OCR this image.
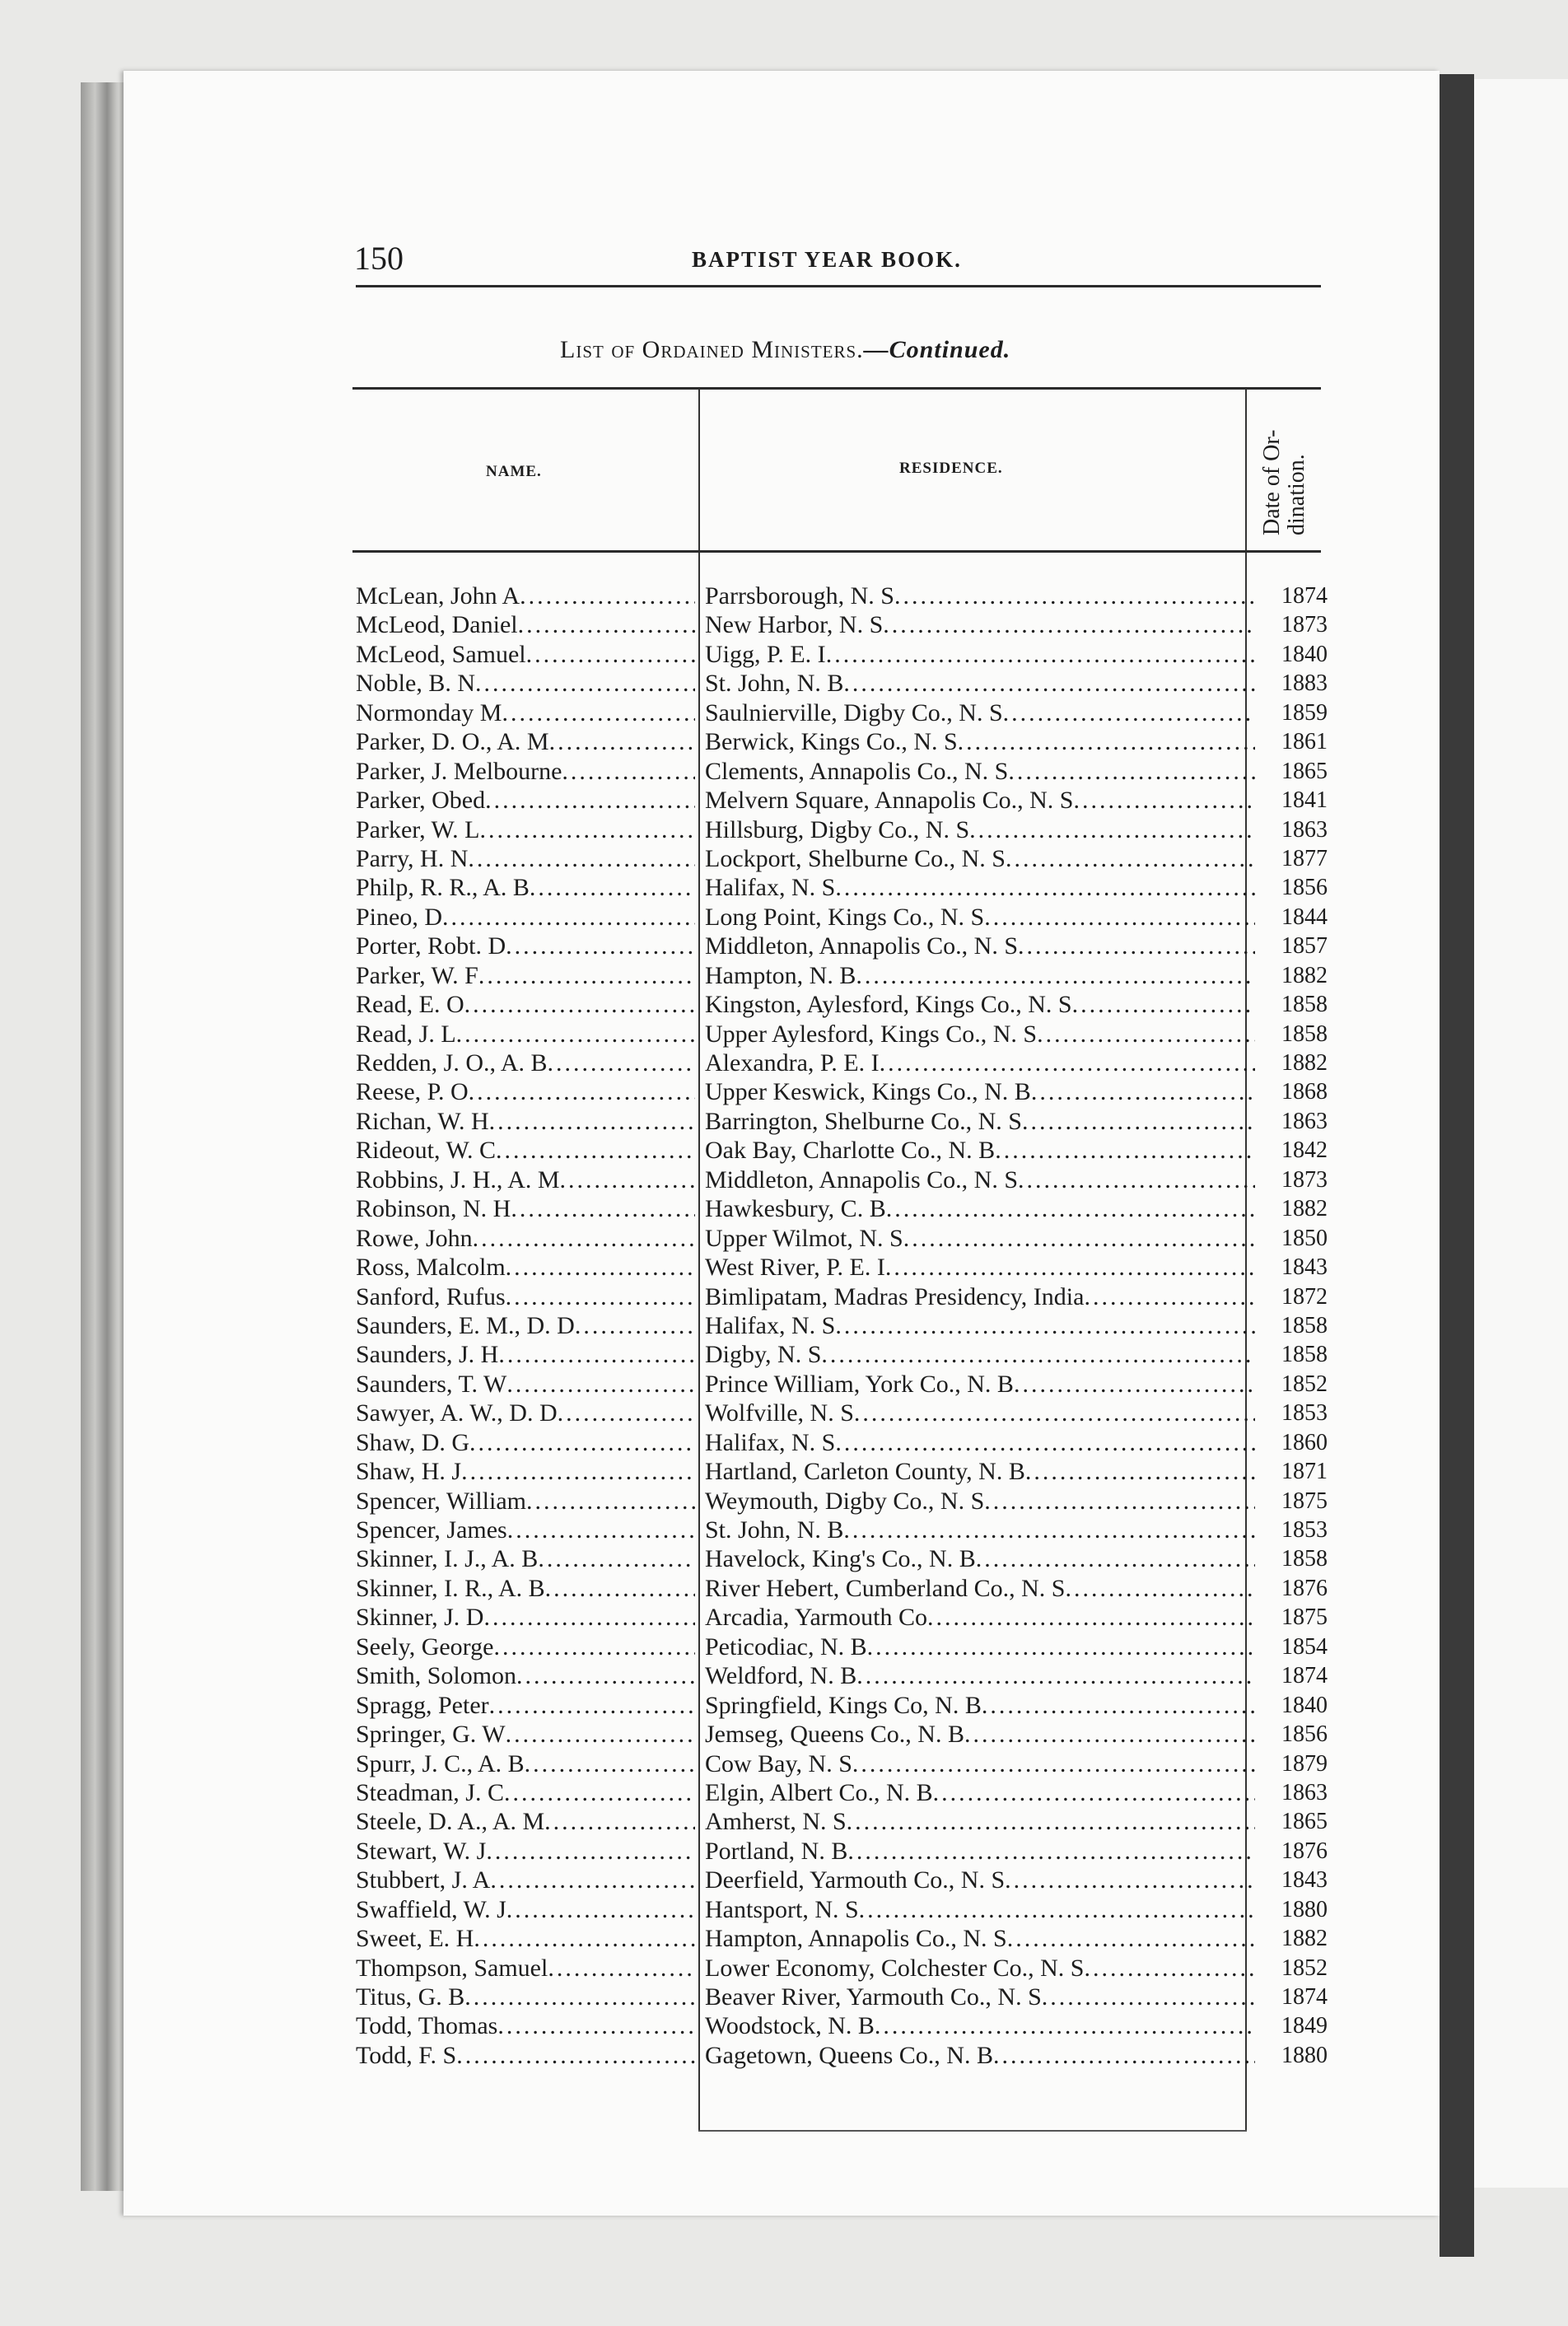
150	BAPTIST YEAR BOOK.
List of Ordained Ministers.—Continued.
NAME.	RESIDENCE.	Date of Or- dination.
McLean, John A .....	Parrsborough, N. S .....	1874
McLeod, Daniel .....	New Harbor, N. S .....	1873
McLeod, Samuel .....	Uigg, P. E. I .....	1840
Noble, B. N .....	St. John, N. B .....	1883
Normonday M .....	Saulnierville, Digby Co., N. S .....	1859
Parker, D. O., A. M .....	Berwick, Kings Co., N. S .....	1861
Parker, J. Melbourne .....	Clements, Annapolis Co., N. S .....	1865
Parker, Obed .....	Melvern Square, Annapolis Co., N. S .....	1841
Parker, W. L .....	Hillsburg, Digby Co., N. S .....	1863
Parry, H. N .....	Lockport, Shelburne Co., N. S .....	1877
Philp, R. R., A. B .....	Halifax, N. S .....	1856
Pineo, D .....	Long Point, Kings Co., N. S .....	1844
Porter, Robt. D .....	Middleton, Annapolis Co., N. S .....	1857
Parker, W. F .....	Hampton, N. B .....	1882
Read, E. O .....	Kingston, Aylesford, Kings Co., N. S .....	1858
Read, J. L .....	Upper Aylesford, Kings Co., N. S .....	1858
Redden, J. O., A. B .....	Alexandra, P. E. I .....	1882
Reese, P. O .....	Upper Keswick, Kings Co., N. B .....	1868
Richan, W. H .....	Barrington, Shelburne Co., N. S .....	1863
Rideout, W. C .....	Oak Bay, Charlotte Co., N. B .....	1842
Robbins, J. H., A. M .....	Middleton, Annapolis Co., N. S .....	1873
Robinson, N. H .....	Hawkesbury, C. B .....	1882
Rowe, John .....	Upper Wilmot, N. S .....	1850
Ross, Malcolm .....	West River, P. E. I .....	1843
Sanford, Rufus .....	Bimlipatam, Madras Presidency, India .....	1872
Saunders, E. M., D. D .....	Halifax, N. S .....	1858
Saunders, J. H .....	Digby, N. S .....	1858
Saunders, T. W .....	Prince William, York Co., N. B .....	1852
Sawyer, A. W., D. D .....	Wolfville, N. S .....	1853
Shaw, D. G .....	Halifax, N. S .....	1860
Shaw, H. J .....	Hartland, Carleton County, N. B .....	1871
Spencer, William .....	Weymouth, Digby Co., N. S .....	1875
Spencer, James .....	St. John, N. B .....	1853
Skinner, I. J., A. B .....	Havelock, King's Co., N. B .....	1858
Skinner, I. R., A. B .....	River Hebert, Cumberland Co., N. S .....	1876
Skinner, J. D .....	Arcadia, Yarmouth Co .....	1875
Seely, George .....	Peticodiac, N. B .....	1854
Smith, Solomon .....	Weldford, N. B .....	1874
Spragg, Peter .....	Springfield, Kings Co, N. B .....	1840
Springer, G. W .....	Jemseg, Queens Co., N. B .....	1856
Spurr, J. C., A. B .....	Cow Bay, N. S .....	1879
Steadman, J. C .....	Elgin, Albert Co., N. B .....	1863
Steele, D. A., A. M .....	Amherst, N. S .....	1865
Stewart, W. J .....	Portland, N. B .....	1876
Stubbert, J. A .....	Deerfield, Yarmouth Co., N. S .....	1843
Swaffield, W. J .....	Hantsport, N. S .....	1880
Sweet, E. H .....	Hampton, Annapolis Co., N. S .....	1882
Thompson, Samuel .....	Lower Economy, Colchester Co., N. S .....	1852
Titus, G. B .....	Beaver River, Yarmouth Co., N. S .....	1874
Todd, Thomas .....	Woodstock, N. B .....	1849
Todd, F. S .....	Gagetown, Queens Co., N. B .....	1880
